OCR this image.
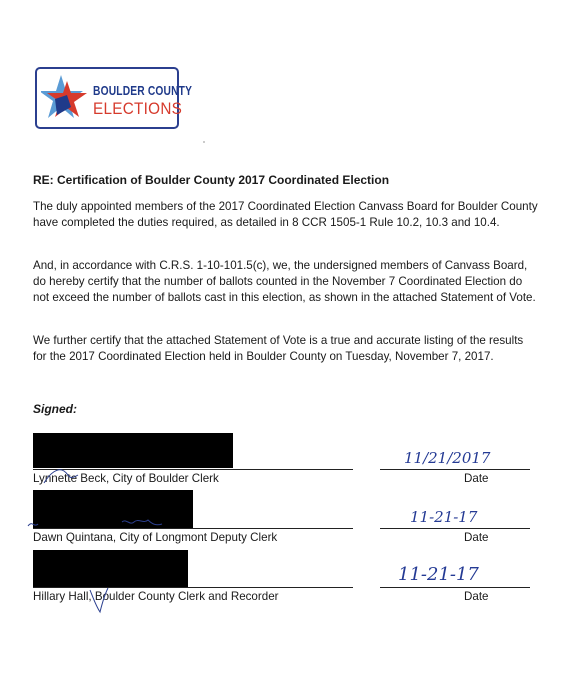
BOULDER COUNTY
ELECTIONS
RE: Certification of Boulder County 2017 Coordinated Election
The duly appointed members of the 2017 Coordinated Election Canvass Board for Boulder County have completed the duties required, as detailed in 8 CCR 1505-1 Rule 10.2, 10.3 and 10.4.
And, in accordance with C.R.S. 1-10-101.5(c), we, the undersigned members of Canvass Board, do hereby certify that the number of ballots counted in the November 7 Coordinated Election do not exceed the number of ballots cast in this election, as shown in the attached Statement of Vote.
We further certify that the attached Statement of Vote is a true and accurate listing of the results for the 2017 Coordinated Election held in Boulder County on Tuesday, November 7, 2017.
Signed:
11/21/2017
Lynnette Beck, City of Boulder Clerk	Date
11-21-17
Dawn Quintana, City of Longmont Deputy Clerk	Date
11-21-17
Hillary Hall, Boulder County Clerk and Recorder	Date
